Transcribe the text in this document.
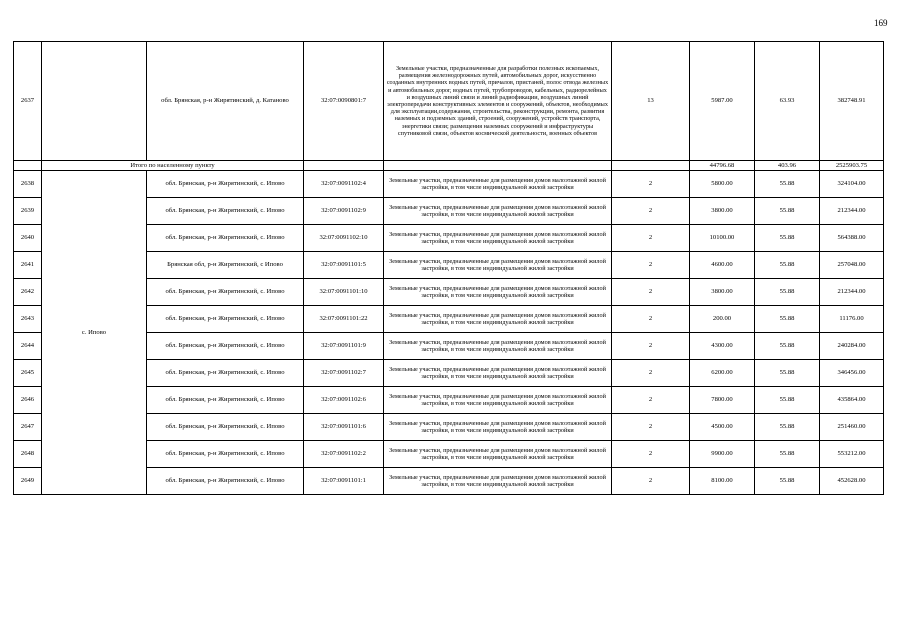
169
2637		обл. Брянская, р-н Жирятинский, д. Катаново	32:07:0090801:7	Земельные участки, предназначенные для разработки полезных ископаемых, размещения железнодорожных путей, автомобильных дорог, искусственно созданных внутренних водных путей, причалов, пристаней, полос отвода железных и автомобильных дорог, водных путей, трубопроводов, кабельных, радиорелейных и воздушных линий связи и линий радиофикации, воздушных линий электропередачи конструктивных элементов и сооружений, объектов, необходимых для эксплуатации,содержания, строительства, реконструкции, ремонта, развития наземных и подземных зданий, строений, сооружений, устройств транспорта, энергетики связи; размещения наземных сооружений и инфраструктуры спутниковой связи, объектов космической деятельности, военных объектов	13	5987.00	63.93	382748.91
	Итого по населенному пункту					44796.68	403.96	2525903.75
2638	с. Ипово	обл. Брянская, р-н Жирятинский, с. Ипово	32:07:0091102:4	Земельные участки, предназначенные для размещения домов малоэтажной жилой застройки, в том числе индивидуальной жилой застройки	2	5800.00	55.88	324104.00
2639		обл. Брянская, р-н Жирятинский, с. Ипово	32:07:0091102:9	Земельные участки, предназначенные для размещения домов малоэтажной жилой застройки, в том числе индивидуальной жилой застройки	2	3800.00	55.88	212344.00
2640		обл. Брянская, р-н Жирятинский, с. Ипово	32:07:0091102:10	Земельные участки, предназначенные для размещения домов малоэтажной жилой застройки, в том числе индивидуальной жилой застройки	2	10100.00	55.88	564388.00
2641		Брянская обл, р-н Жирятинский, с Ипово	32:07:0091101:5	Земельные участки, предназначенные для размещения домов малоэтажной жилой застройки, в том числе индивидуальной жилой застройки	2	4600.00	55.88	257048.00
2642		обл. Брянская, р-н Жирятинский, с. Ипово	32:07:0091101:10	Земельные участки, предназначенные для размещения домов малоэтажной жилой застройки, в том числе индивидуальной жилой застройки	2	3800.00	55.88	212344.00
2643		обл. Брянская, р-н Жирятинский, с. Ипово	32:07:0091101:22	Земельные участки, предназначенные для размещения домов малоэтажной жилой застройки, в том числе индивидуальной жилой застройки	2	200.00	55.88	11176.00
2644		обл. Брянская, р-н Жирятинский, с. Ипово	32:07:0091101:9	Земельные участки, предназначенные для размещения домов малоэтажной жилой застройки, в том числе индивидуальной жилой застройки	2	4300.00	55.88	240284.00
2645		обл. Брянская, р-н Жирятинский, с. Ипово	32:07:0091102:7	Земельные участки, предназначенные для размещения домов малоэтажной жилой застройки, в том числе индивидуальной жилой застройки	2	6200.00	55.88	346456.00
2646		обл. Брянская, р-н Жирятинский, с. Ипово	32:07:0091102:6	Земельные участки, предназначенные для размещения домов малоэтажной жилой застройки, в том числе индивидуальной жилой застройки	2	7800.00	55.88	435864.00
2647		обл. Брянская, р-н Жирятинский, с. Ипово	32:07:0091101:6	Земельные участки, предназначенные для размещения домов малоэтажной жилой застройки, в том числе индивидуальной жилой застройки	2	4500.00	55.88	251460.00
2648		обл. Брянская, р-н Жирятинский, с. Ипово	32:07:0091102:2	Земельные участки, предназначенные для размещения домов малоэтажной жилой застройки, в том числе индивидуальной жилой застройки	2	9900.00	55.88	553212.00
2649		обл. Брянская, р-н Жирятинский, с. Ипово	32:07:0091101:1	Земельные участки, предназначенные для размещения домов малоэтажной жилой застройки, в том числе индивидуальной жилой застройки	2	8100.00	55.88	452628.00
